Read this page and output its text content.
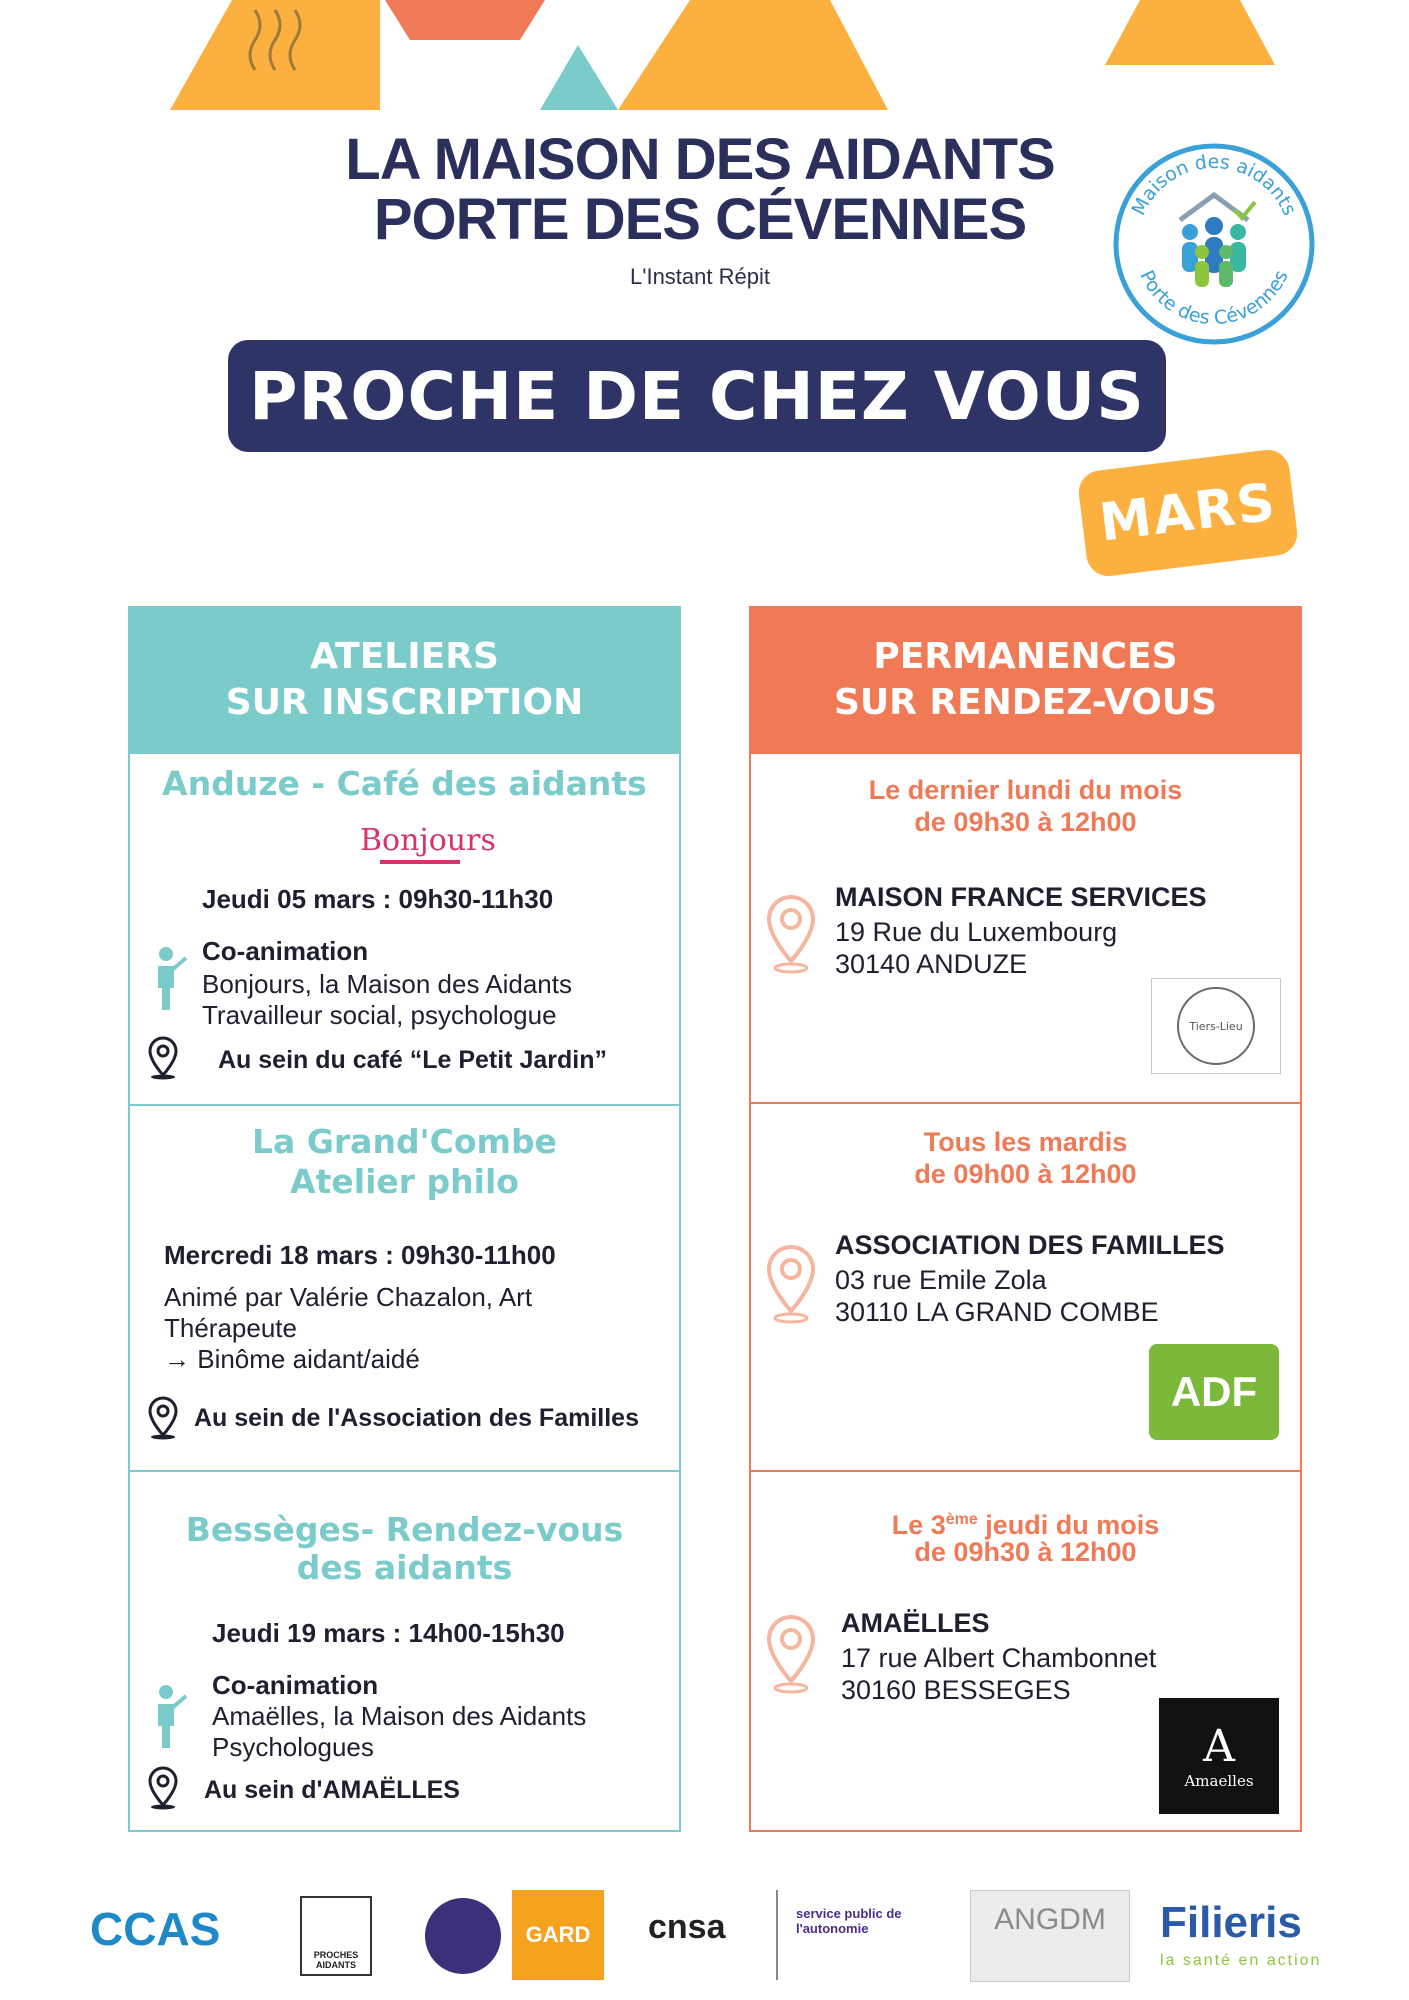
LA MAISON DES AIDANTS
PORTE DES CÉVENNES
L'Instant Répit
Maison des aidants
Porte des Cévennes
PROCHE DE CHEZ VOUS
MARS
ATELIERS
SUR INSCRIPTION
Anduze - Café des aidants
Bonjours
Jeudi 05 mars : 09h30-11h30
Co-animation
Bonjours, la Maison des Aidants
Travailleur social, psychologue
Au sein du café “Le Petit Jardin”
La Grand'Combe
Atelier philo
Mercredi 18 mars : 09h30-11h00
Animé par Valérie Chazalon, Art
Thérapeute
→ Binôme aidant/aidé
Au sein de l'Association des Familles
Bessèges- Rendez-vous
des aidants
Jeudi 19 mars : 14h00-15h30
Co-animation
Amaëlles, la Maison des Aidants
Psychologues
Au sein d'AMAËLLES
PERMANENCES
SUR RENDEZ-VOUS
Le dernier lundi du mois
de 09h30 à 12h00
MAISON FRANCE SERVICES
19 Rue du Luxembourg
30140 ANDUZE
Tiers-Lieu
Tous les mardis
de 09h00 à 12h00
ASSOCIATION DES FAMILLES
03 rue Emile Zola
30110 LA GRAND COMBE
ADF
Le 3ème jeudi du mois
de 09h30 à 12h00
AMAËLLES
17 rue Albert Chambonnet
30160 BESSEGES
A
Amaelles
CCAS	PROCHES AIDANTS
GARD	cnsa	service public de l'autonomie	ANGDM	Filieris
la santé en action
